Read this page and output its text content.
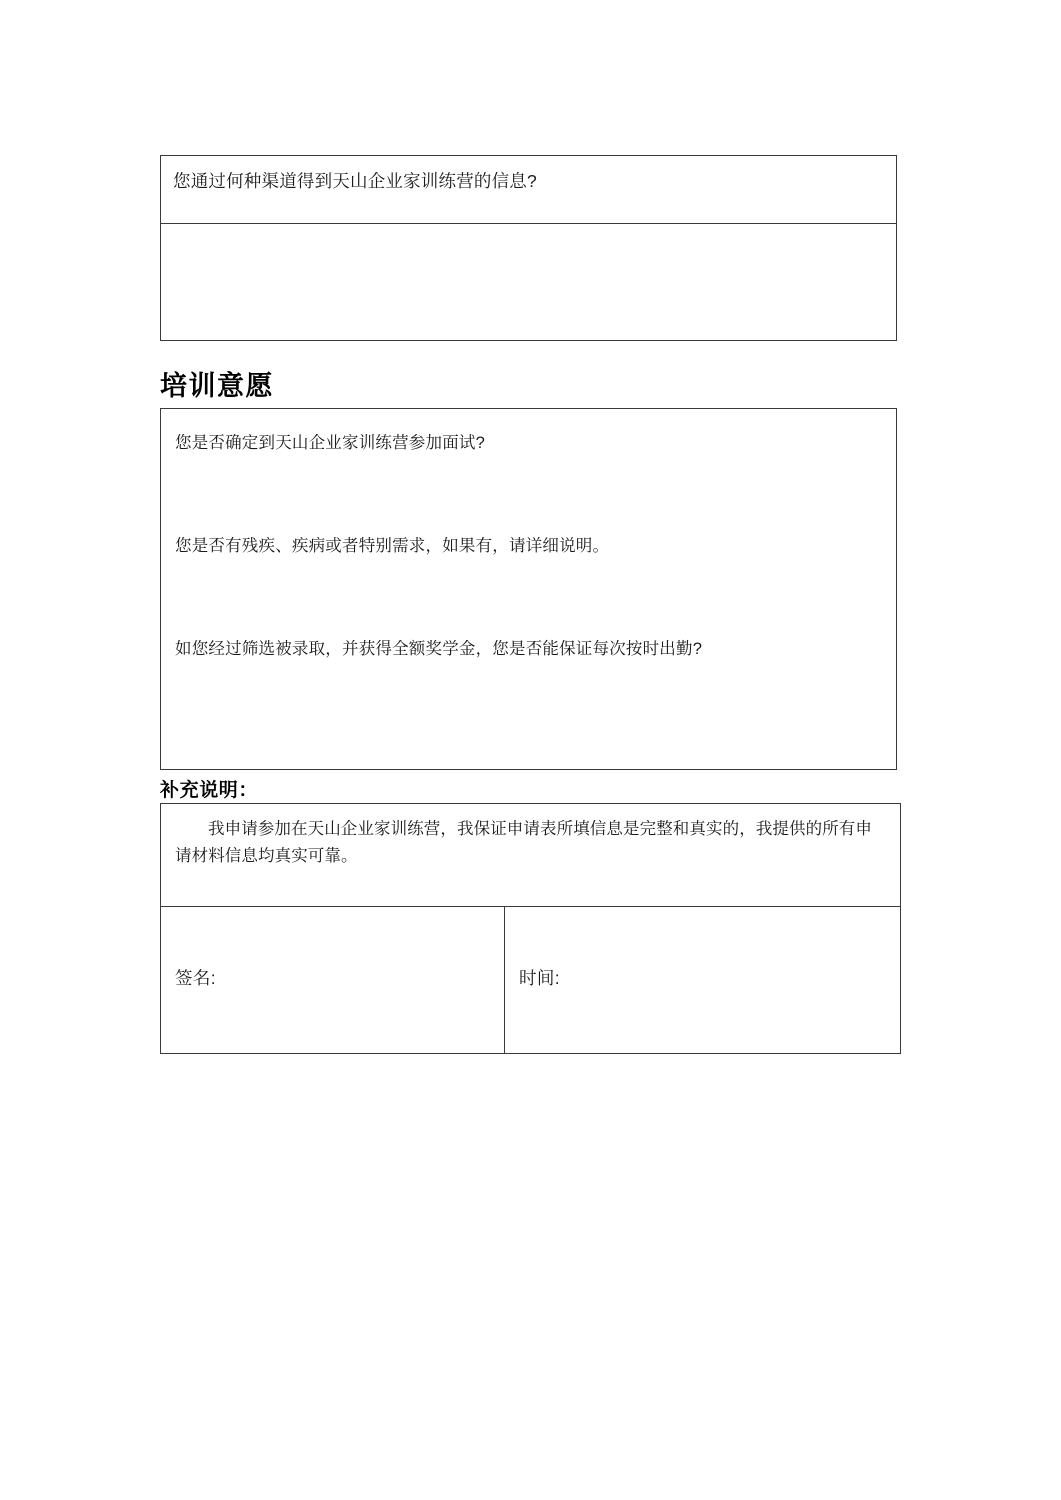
您通过何种渠道得到天山企业家训练营的信息?

培训意愿

您是否确定到天山企业家训练营参加面试?

您是否有残疾、疾病或者特别需求，如果有，请详细说明。

如您经过筛选被录取，并获得全额奖学金，您是否能保证每次按时出勤?

补充说明：

我申请参加在天山企业家训练营，我保证申请表所填信息是完整和真实的，我提供的所有申请材料信息均真实可靠。

签名:	时间:
